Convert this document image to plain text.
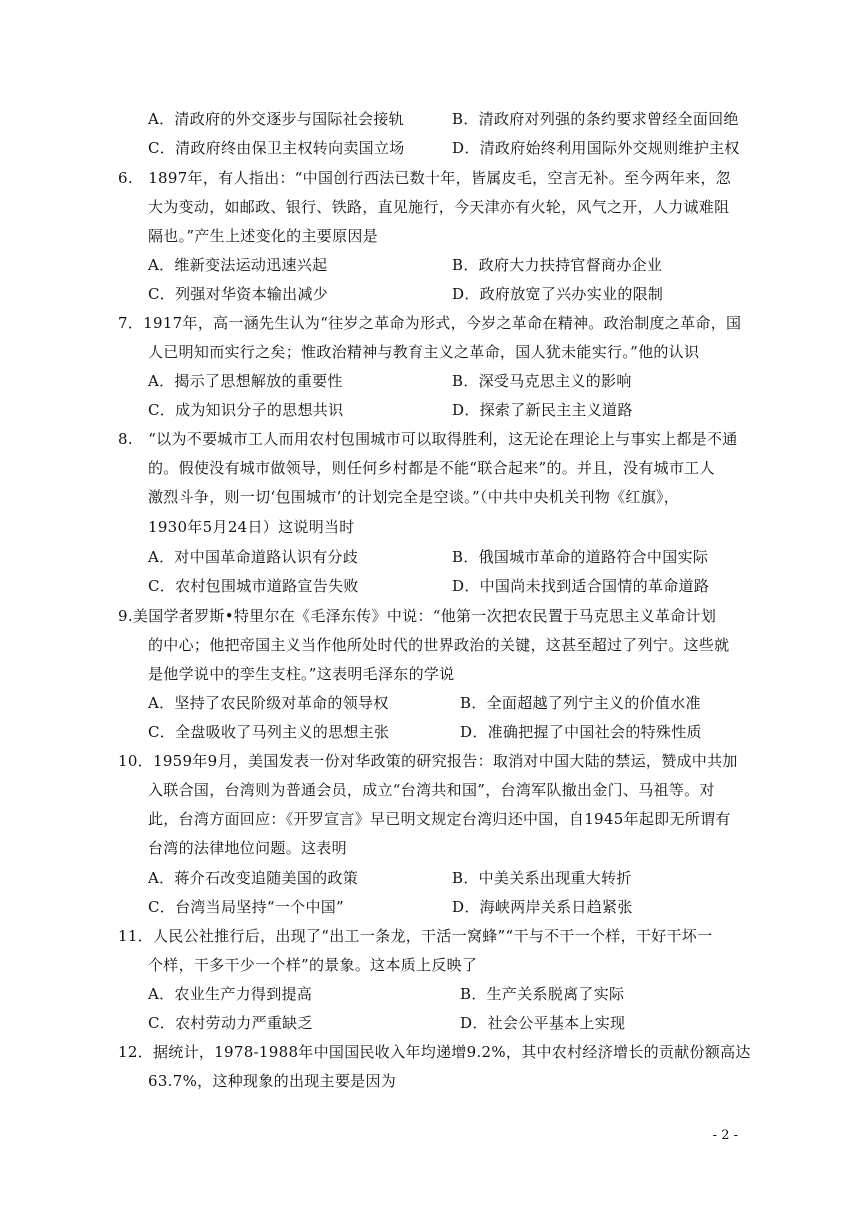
A．清政府的外交逐步与国际社会接轨	B．清政府对列强的条约要求曾经全面回绝
C．清政府终由保卫主权转向卖国立场	D．清政府始终利用国际外交规则维护主权
6.　1897年，有人指出：“中国创行西法已数十年，皆属皮毛，空言无补。至今两年来，忽
大为变动，如邮政、银行、铁路，直见施行，今天津亦有火轮，风气之开，人力诚难阻
隔也。”产生上述变化的主要原因是
A．维新变法运动迅速兴起	B．政府大力扶持官督商办企业
C．列强对华资本输出减少	D．政府放宽了兴办实业的限制
7．1917年，高一涵先生认为“往岁之革命为形式，今岁之革命在精神。政治制度之革命，国
人已明知而实行之矣；惟政治精神与教育主义之革命，国人犹未能实行。”他的认识
A．揭示了思想解放的重要性	B．深受马克思主义的影响
C．成为知识分子的思想共识	D．探索了新民主主义道路
8.　“以为不要城市工人而用农村包围城市可以取得胜利，这无论在理论上与事实上都是不通
的。假使没有城市做领导，则任何乡村都是不能“联合起来”的。并且，没有城市工人
激烈斗争，则一切‘包围城市’的计划完全是空谈。”（中共中央机关刊物《红旗》，
1930年5月24日）这说明当时
A．对中国革命道路认识有分歧	B．俄国城市革命的道路符合中国实际
C．农村包围城市道路宣告失败	D．中国尚未找到适合国情的革命道路
9.美国学者罗斯•特里尔在《毛泽东传》中说：“他第一次把农民置于马克思主义革命计划
的中心；他把帝国主义当作他所处时代的世界政治的关键，这甚至超过了列宁。这些就
是他学说中的孪生支柱。”这表明毛泽东的学说
A．坚持了农民阶级对革命的领导权	B．全面超越了列宁主义的价值水准
C．全盘吸收了马列主义的思想主张	D．准确把握了中国社会的特殊性质
10．1959年9月，美国发表一份对华政策的研究报告：取消对中国大陆的禁运，赞成中共加
入联合国，台湾则为普通会员，成立“台湾共和国”，台湾军队撤出金门、马祖等。对
此，台湾方面回应：《开罗宣言》早已明文规定台湾归还中国，自1945年起即无所谓有
台湾的法律地位问题。这表明
A．蒋介石改变追随美国的政策	B．中美关系出现重大转折
C．台湾当局坚持“一个中国”	D．海峡两岸关系日趋紧张
11．人民公社推行后，出现了“出工一条龙，干活一窝蜂”“干与不干一个样，干好干坏一
个样，干多干少一个样”的景象。这本质上反映了
A．农业生产力得到提高	B．生产关系脱离了实际
C．农村劳动力严重缺乏	D．社会公平基本上实现
12．据统计，1978-1988年中国国民收入年均递增9.2%，其中农村经济增长的贡献份额高达
63.7%，这种现象的出现主要是因为
- 2 -
